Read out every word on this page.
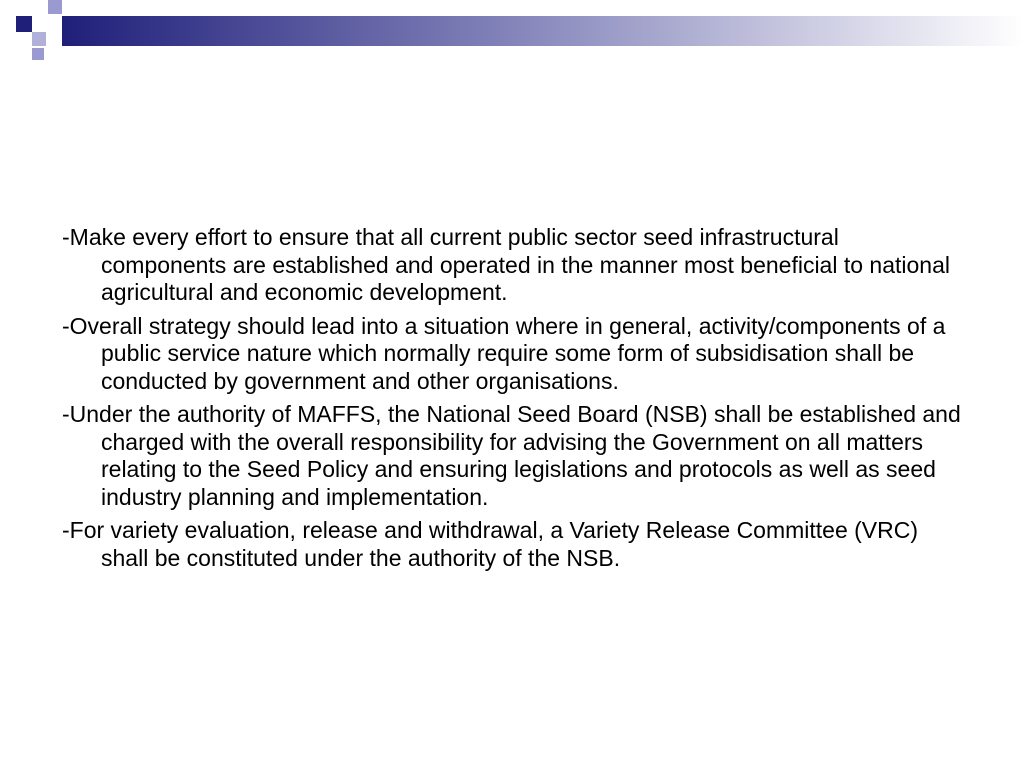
-Make every effort to ensure that all current public sector seed infrastructural components are established and operated in the manner most beneficial to national agricultural and economic development.

-Overall strategy should lead into a situation where in general, activity/components of a public service nature which normally require some form of subsidisation shall be conducted by government and other organisations.

-Under the authority of MAFFS, the National Seed Board (NSB) shall be established and charged with the overall responsibility for advising the Government on all matters relating to the Seed Policy and ensuring legislations and protocols as well as seed industry planning and implementation.

-For variety evaluation, release and withdrawal, a Variety Release Committee (VRC) shall be constituted under the authority of the NSB.
